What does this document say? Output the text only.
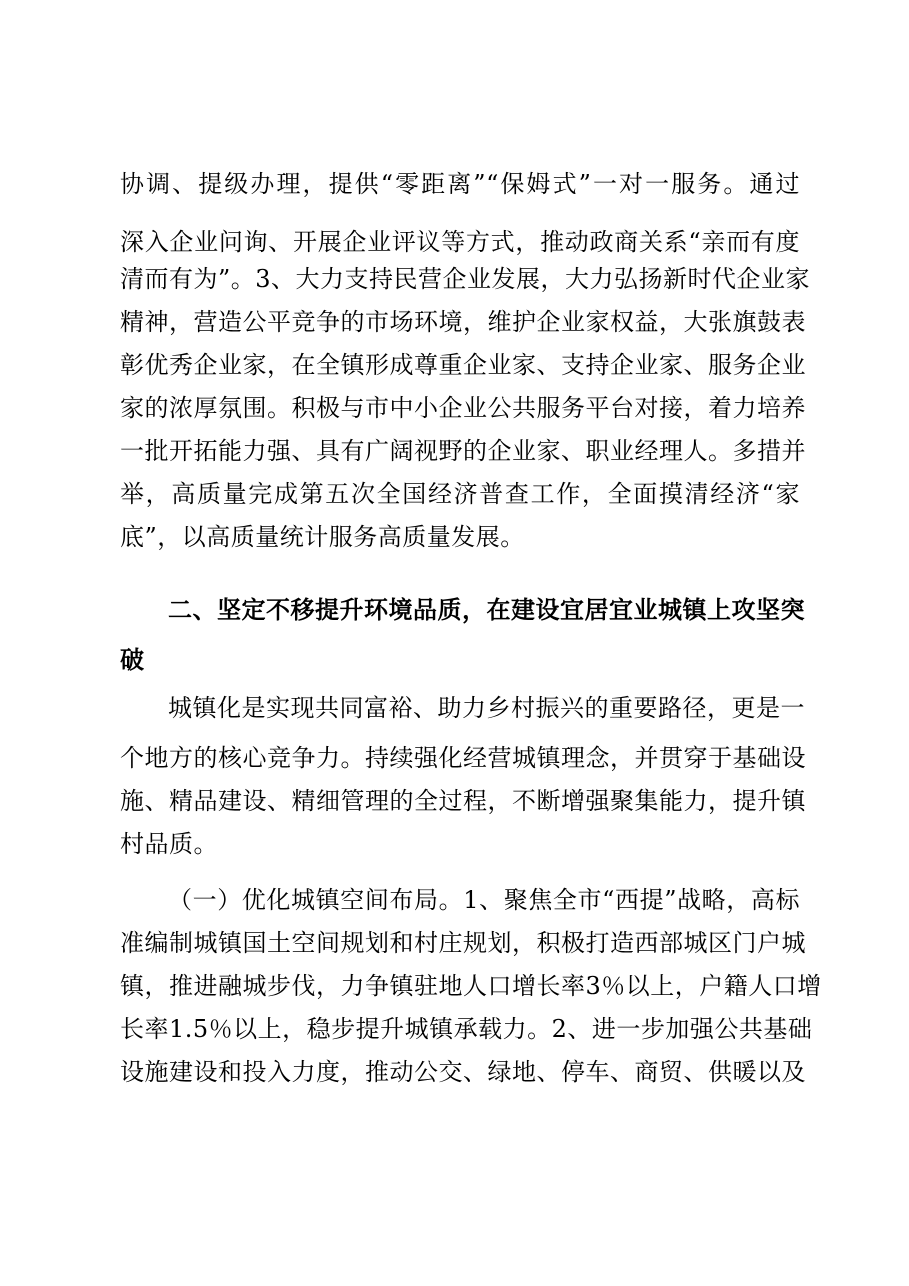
协调、提级办理，提供“零距离”“保姆式”一对一服务。通过
深入企业问询、开展企业评议等方式，推动政商关系“亲而有度
清而有为”。3、大力支持民营企业发展，大力弘扬新时代企业家
精神，营造公平竞争的市场环境，维护企业家权益，大张旗鼓表
彰优秀企业家，在全镇形成尊重企业家、支持企业家、服务企业
家的浓厚氛围。积极与市中小企业公共服务平台对接，着力培养
一批开拓能力强、具有广阔视野的企业家、职业经理人。多措并
举，高质量完成第五次全国经济普查工作，全面摸清经济“家
底”，以高质量统计服务高质量发展。
二、坚定不移提升环境品质，在建设宜居宜业城镇上攻坚突
破
城镇化是实现共同富裕、助力乡村振兴的重要路径，更是一
个地方的核心竞争力。持续强化经营城镇理念，并贯穿于基础设
施、精品建设、精细管理的全过程，不断增强聚集能力，提升镇
村品质。
（一）优化城镇空间布局。1、聚焦全市“西提”战略，高标
准编制城镇国土空间规划和村庄规划，积极打造西部城区门户城
镇，推进融城步伐，力争镇驻地人口增长率3％以上，户籍人口增
长率1.5％以上，稳步提升城镇承载力。2、进一步加强公共基础
设施建设和投入力度，推动公交、绿地、停车、商贸、供暖以及
